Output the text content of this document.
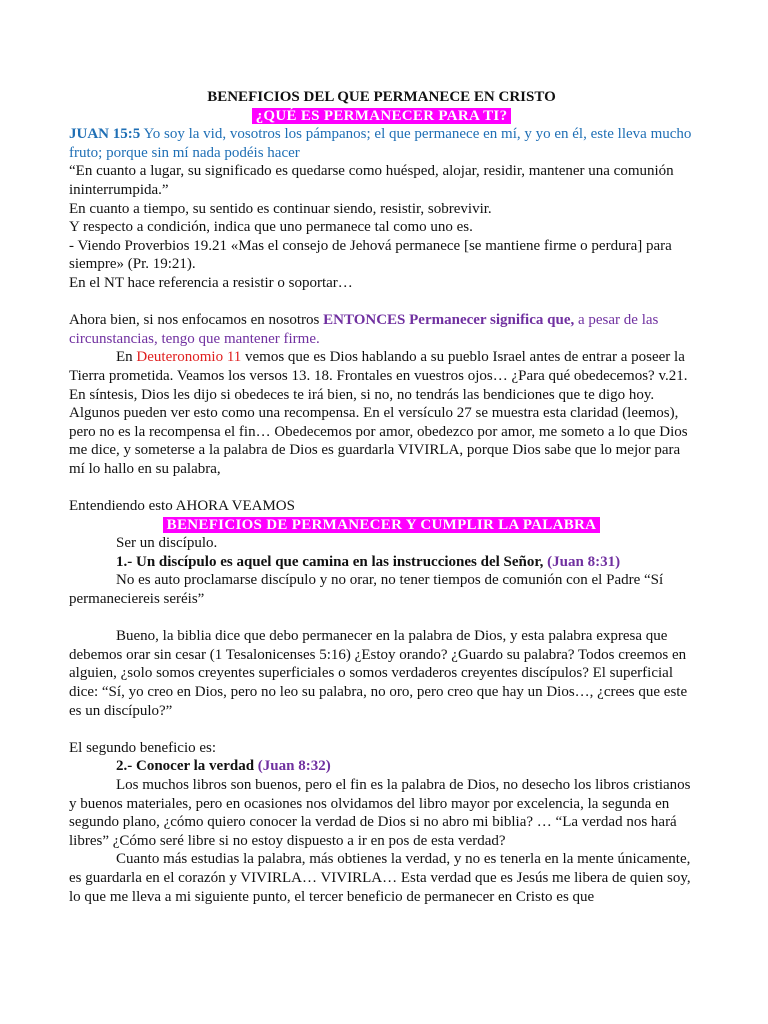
BENEFICIOS DEL QUE PERMANECE EN CRISTO

¿QUÉ ES PERMANECER PARA TI?

JUAN 15:5 Yo soy la vid, vosotros los pámpanos; el que permanece en mí, y yo en él, este lleva mucho fruto; porque sin mí nada podéis hacer

“En cuanto a lugar, su significado es quedarse como huésped, alojar, residir, mantener una comunión ininterrumpida.”

En cuanto a tiempo, su sentido es continuar siendo, resistir, sobrevivir.

Y respecto a condición, indica que uno permanece tal como uno es.

- Viendo Proverbios 19.21 «Mas el consejo de Jehová permanece [se mantiene firme o perdura] para siempre» (Pr. 19:21).

En el NT hace referencia a resistir o soportar…

Ahora bien, si nos enfocamos en nosotros ENTONCES Permanecer significa que, a pesar de las circunstancias, tengo que mantener firme.

En Deuteronomio 11 vemos que es Dios hablando a su pueblo Israel antes de entrar a poseer la Tierra prometida. Veamos los versos 13. 18. Frontales en vuestros ojos… ¿Para qué obedecemos? v.21. En síntesis, Dios les dijo si obedeces te irá bien, si no, no tendrás las bendiciones que te digo hoy. Algunos pueden ver esto como una recompensa. En el versículo 27 se muestra esta claridad (leemos), pero no es la recompensa el fin… Obedecemos por amor, obedezco por amor, me someto a lo que Dios me dice, y someterse a la palabra de Dios es guardarla VIVIRLA, porque Dios sabe que lo mejor para mí lo hallo en su palabra,

Entendiendo esto AHORA VEAMOS

BENEFICIOS DE PERMANECER Y CUMPLIR LA PALABRA

Ser un discípulo.

1.- Un discípulo es aquel que camina en las instrucciones del Señor, (Juan 8:31)

No es auto proclamarse discípulo y no orar, no tener tiempos de comunión con el Padre “Sí permaneciereis seréis”

Bueno, la biblia dice que debo permanecer en la palabra de Dios, y esta palabra expresa que debemos orar sin cesar (1 Tesalonicenses 5:16) ¿Estoy orando? ¿Guardo su palabra? Todos creemos en alguien, ¿solo somos creyentes superficiales o somos verdaderos creyentes discípulos? El superficial dice: “Sí, yo creo en Dios, pero no leo su palabra, no oro, pero creo que hay un Dios…, ¿crees que este es un discípulo?”

El segundo beneficio es:

2.- Conocer la verdad (Juan 8:32)

Los muchos libros son buenos, pero el fin es la palabra de Dios, no desecho los libros cristianos y buenos materiales, pero en ocasiones nos olvidamos del libro mayor por excelencia, la segunda en segundo plano, ¿cómo quiero conocer la verdad de Dios si no abro mi biblia? … “La verdad nos hará libres” ¿Cómo seré libre si no estoy dispuesto a ir en pos de esta verdad?

Cuanto más estudias la palabra, más obtienes la verdad, y no es tenerla en la mente únicamente, es guardarla en el corazón y VIVIRLA… VIVIRLA… Esta verdad que es Jesús me libera de quien soy, lo que me lleva a mi siguiente punto, el tercer beneficio de permanecer en Cristo es que
